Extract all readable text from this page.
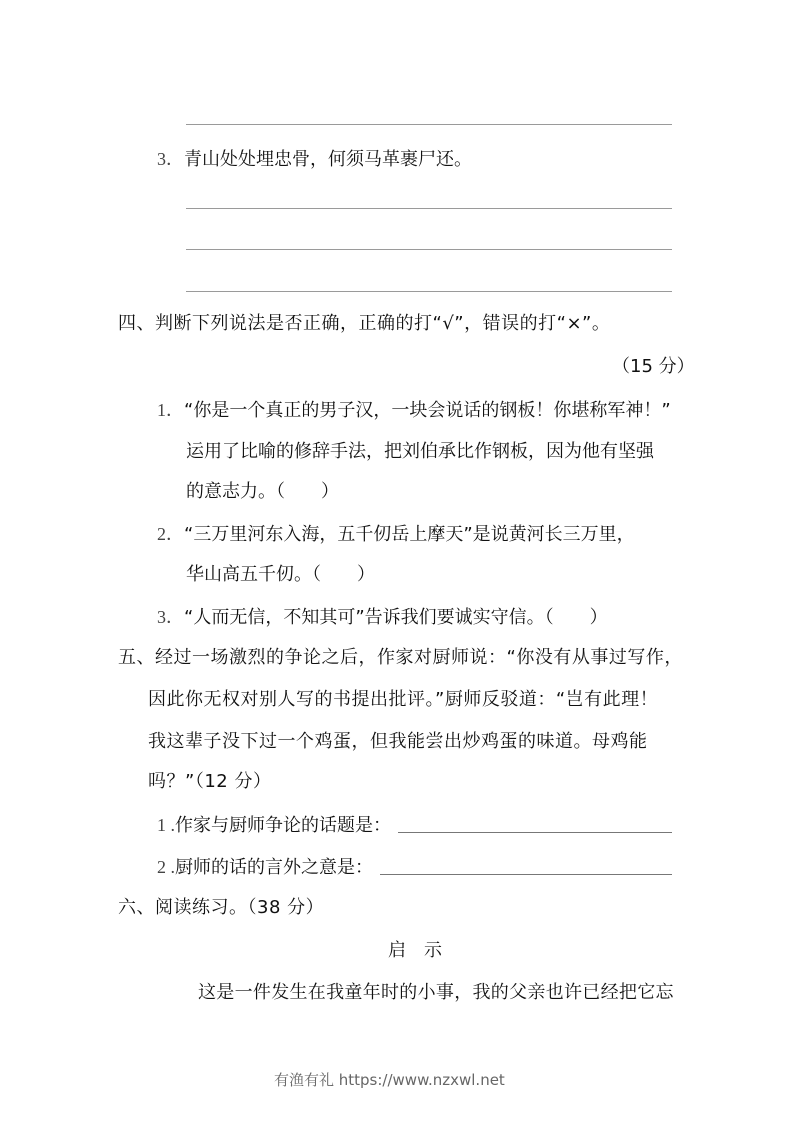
3．青山处处埋忠骨，何须马革裹尸还。
四、判断下列说法是否正确，正确的打“√”，错误的打“×”。
（15 分）
1．“你是一个真正的男子汉，一块会说话的钢板！你堪称军神！”
运用了比喻的修辞手法，把刘伯承比作钢板，因为他有坚强
的意志力。（　　）
2．“三万里河东入海，五千仞岳上摩天”是说黄河长三万里，
华山高五千仞。（　　）
3．“人而无信，不知其可”告诉我们要诚实守信。（　　）
五、经过一场激烈的争论之后，作家对厨师说：“你没有从事过写作，
因此你无权对别人写的书提出批评。”厨师反驳道：“岂有此理！
我这辈子没下过一个鸡蛋，但我能尝出炒鸡蛋的味道。母鸡能
吗？”（12 分）
1 .作家与厨师争论的话题是：
2 .厨师的话的言外之意是：
六、阅读练习。（38 分）
启　示
这是一件发生在我童年时的小事，我的父亲也许已经把它忘
有渔有礼 https://www.nzxwl.net
